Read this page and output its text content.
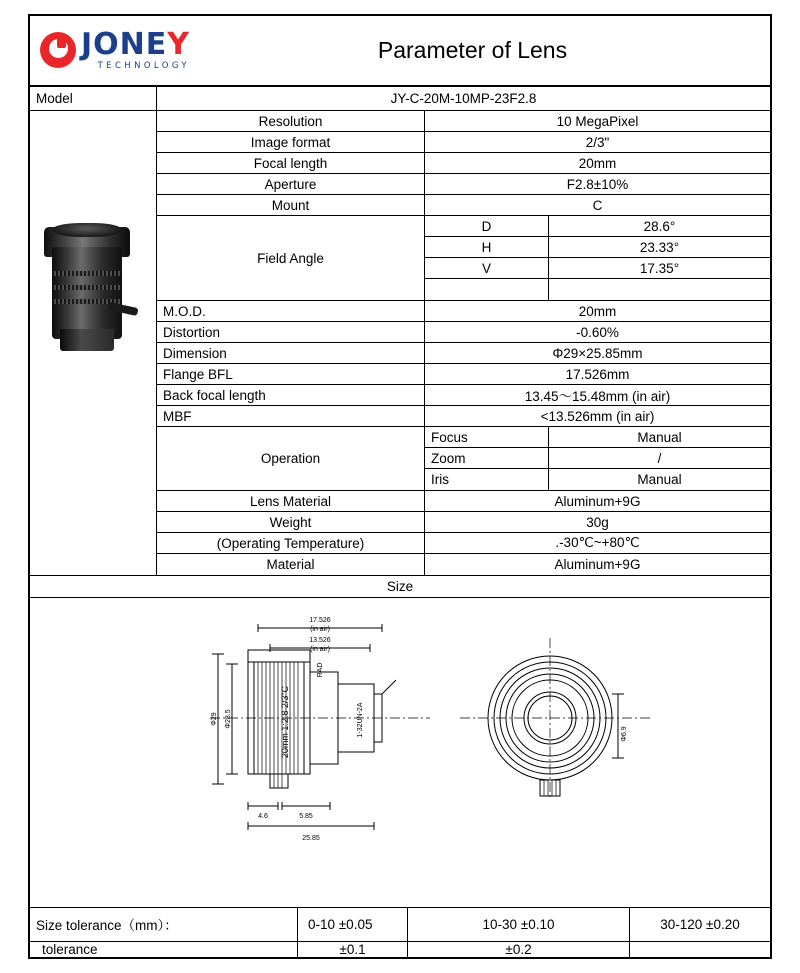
JONEY
TECHNOLOGY
Parameter of Lens
Model	JY-C-20M-10MP-23F2.8
Resolution	10 MegaPixel
Image format	2/3"
Focal length	20mm
Aperture	F2.8±10%
Mount	C
Field Angle
D	28.6°
H	23.33°
V	17.35°
M.O.D.	20mm
Distortion	-0.60%
Dimension	Φ29×25.85mm
Flange BFL	17.526mm
Back focal length	13.45～15.48mm (in air)
MBF	<13.526mm (in air)
Operation
Focus	Manual
Zoom	/
Iris	Manual
Lens Material	Aluminum+9G
Weight	30g
(Operating Temperature)	.-30℃~+80℃
Material	Aluminum+9G
Size
17.526
(in air)
13.526
(in air)
4.6	5.85
25.85
Φ29 Φ28.5	20mm 1:2.8 2/3"C
RAD
1-32UN-2A	Φ6.9
Size tolerance（mm）：	0-10 ±0.05	10-30 ±0.10	30-120 ±0.20
tolerance	±0.1	±0.2
